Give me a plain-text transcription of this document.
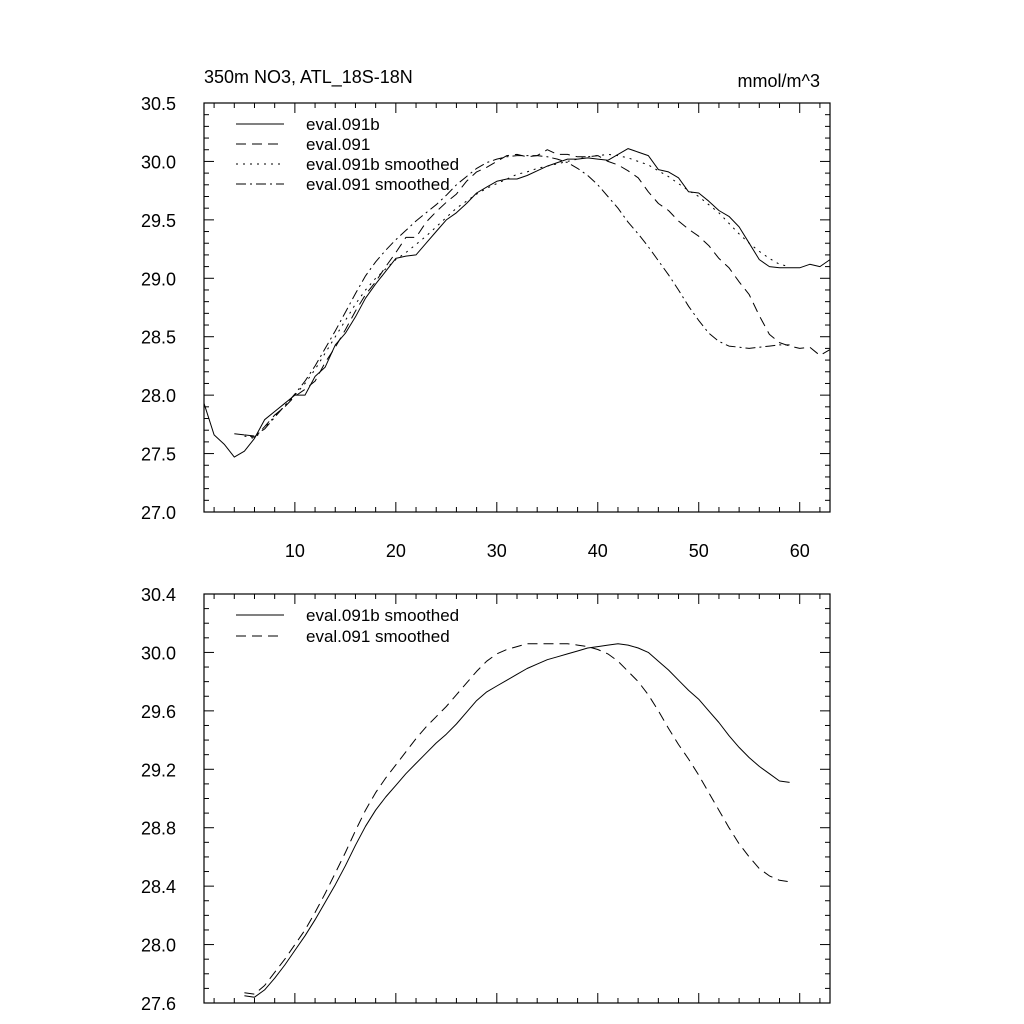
10	20	30	40	50	60
27.0
27.5
28.0
28.5
29.0
29.5
30.0
30.5
350m NO3, ATL_18S-18N	mmol/m^3
eval.091b
eval.091
eval.091b smoothed
eval.091 smoothed
27.6
28.0
28.4
28.8
29.2
29.6
30.0
30.4
eval.091b smoothed
eval.091 smoothed
